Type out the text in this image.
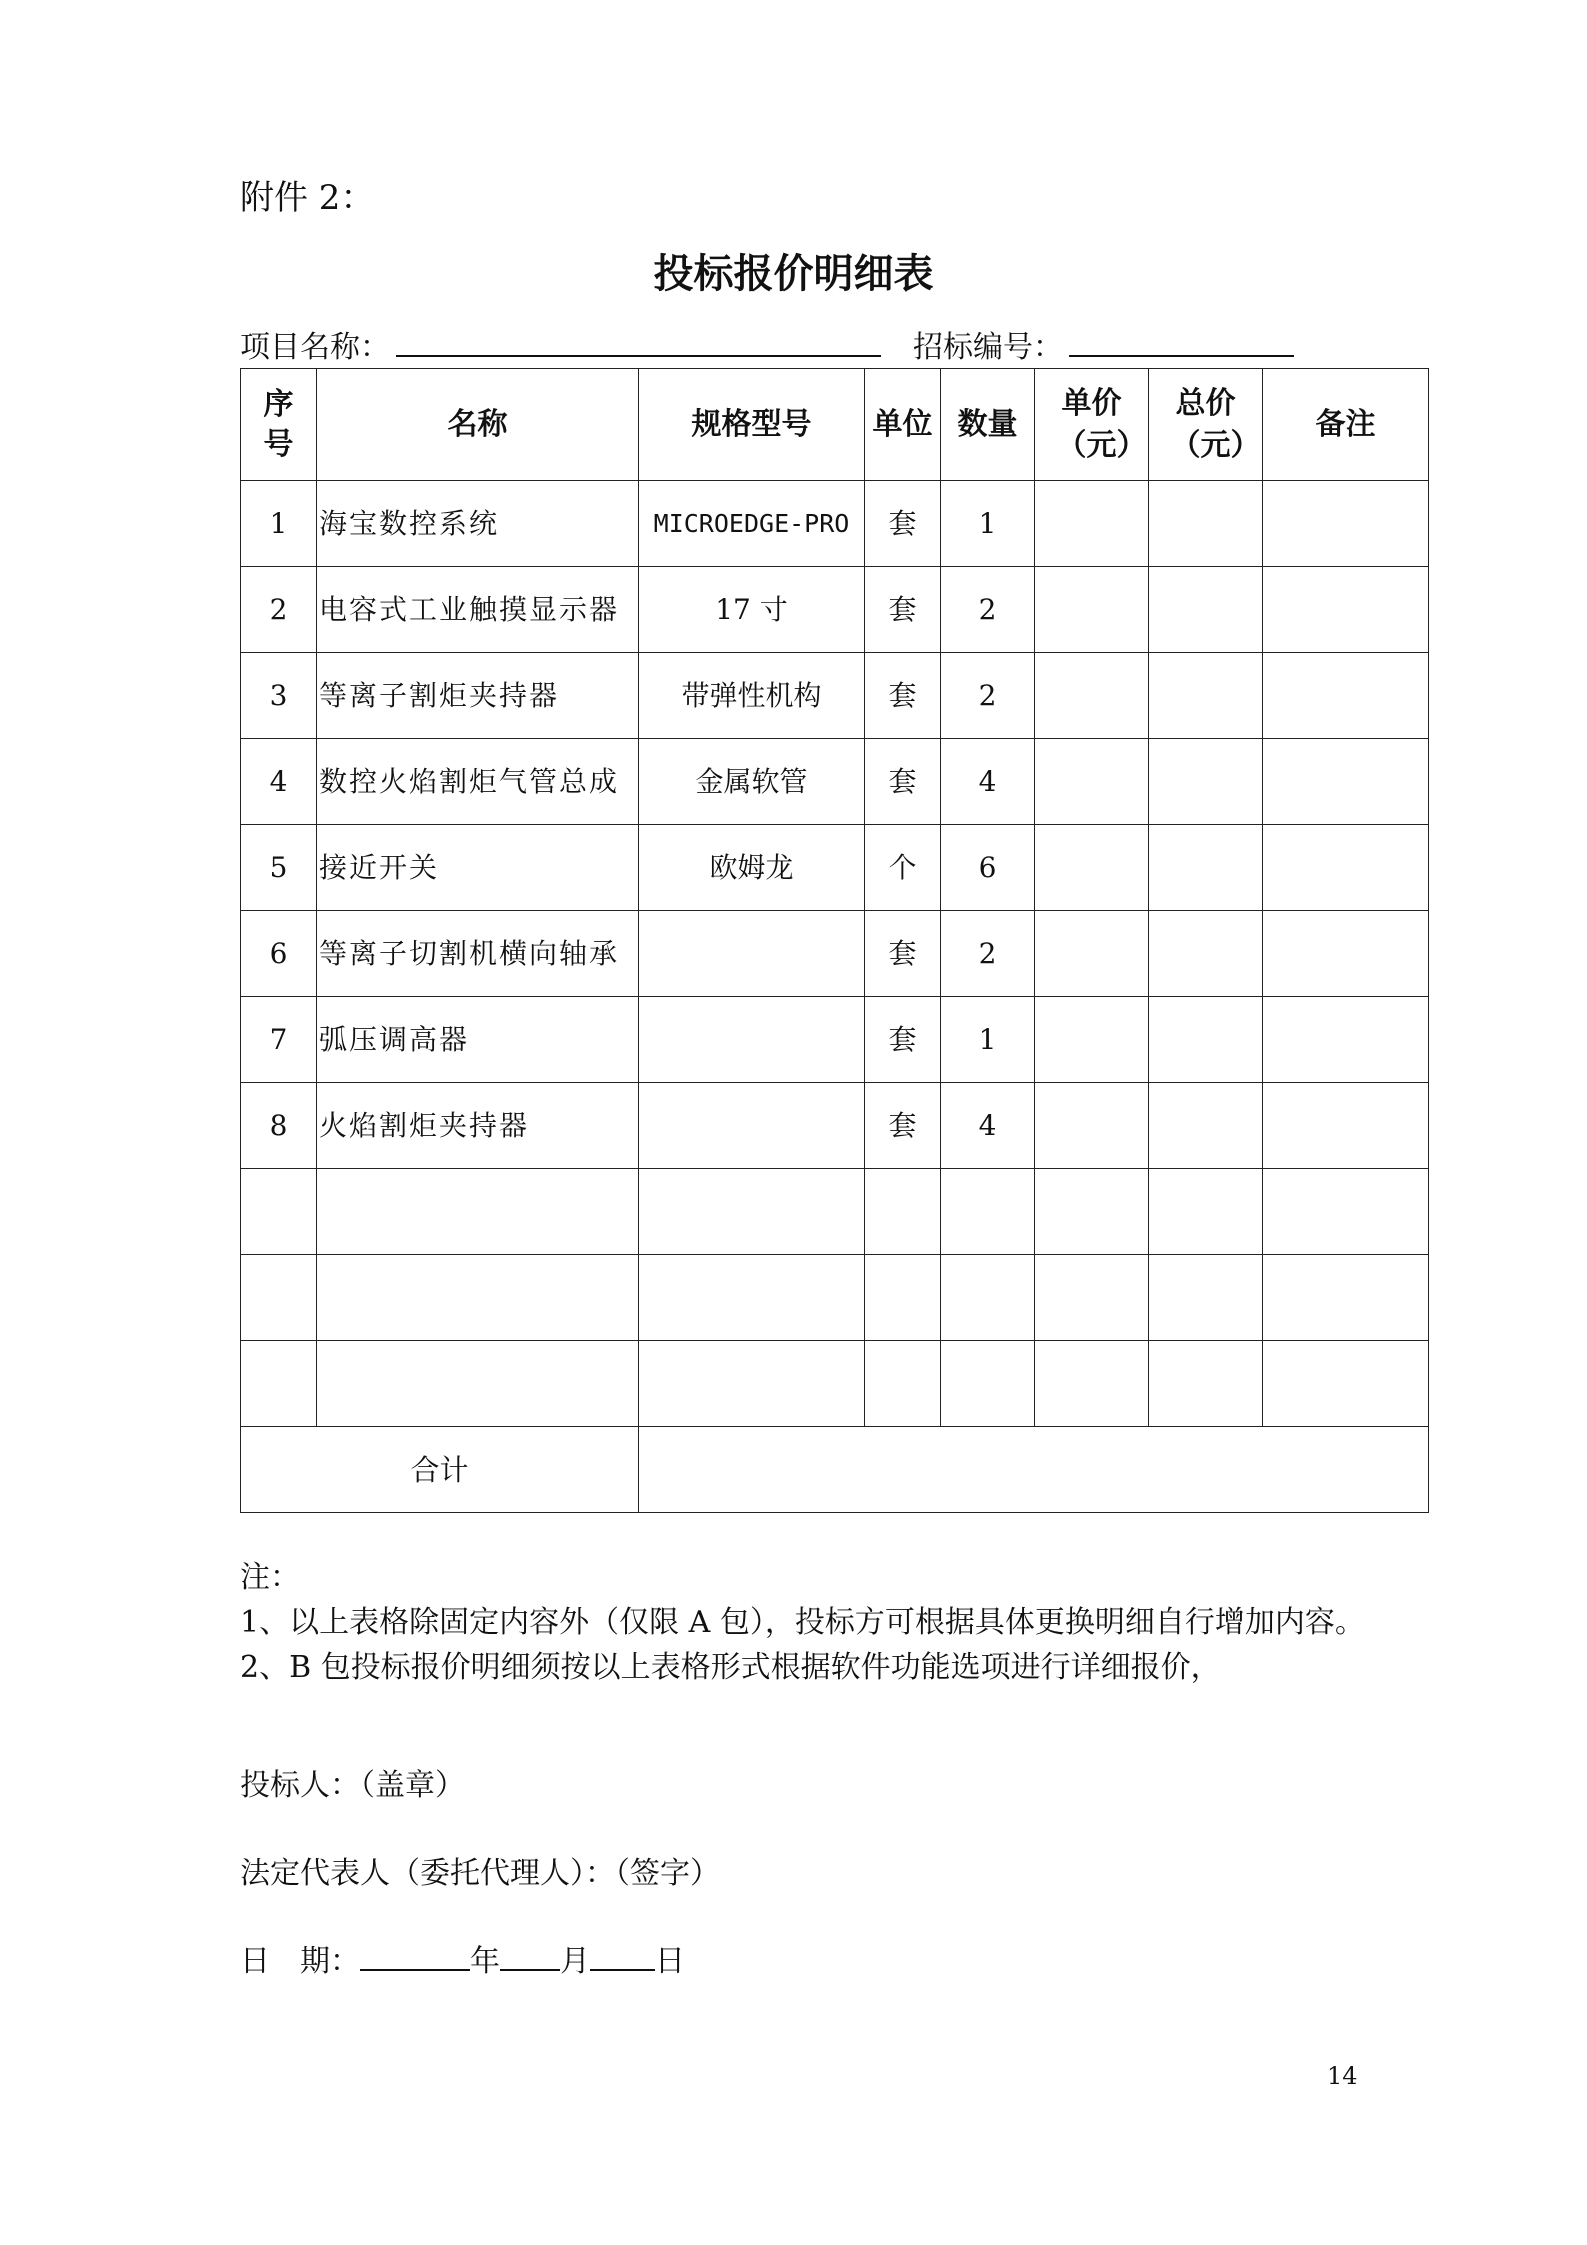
附件 2：
投标报价明细表
项目名称：	招标编号：
序号	名称	规格型号	单位	数量	单价（元）	总价（元）	备注
1	海宝数控系统	MICROEDGE-PRO	套	1			
2	电容式工业触摸显示器	17 寸	套	2			
3	等离子割炬夹持器	带弹性机构	套	2			
4	数控火焰割炬气管总成	金属软管	套	4			
5	接近开关	欧姆龙	个	6			
6	等离子切割机横向轴承		套	2			
7	弧压调高器		套	1			
8	火焰割炬夹持器		套	4			

合计							

注：

1、以上表格除固定内容外（仅限 A 包），投标方可根据具体更换明细自行增加内容。

2、B 包投标报价明细须按以上表格形式根据软件功能选项进行详细报价，

投标人：（盖章）
法定代表人（委托代理人）：（签字）
日　期：	年 月 日
14
